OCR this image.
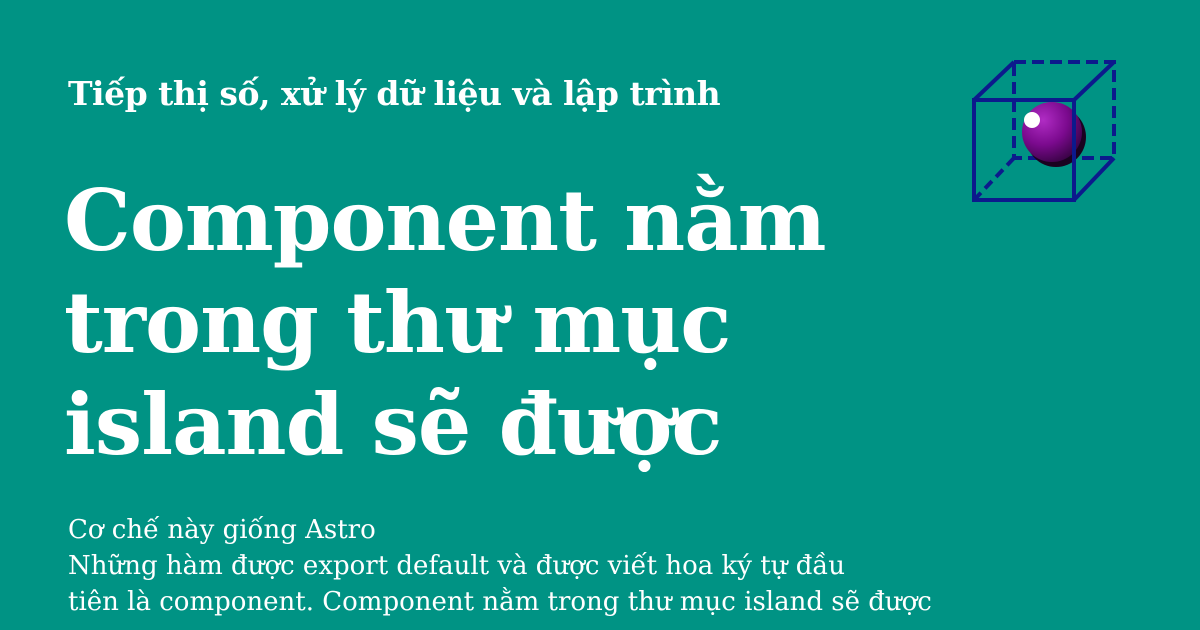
Tiếp thị số, xử lý dữ liệu và lập trình
Component nằm
trong thư mục
island sẽ được
Cơ chế này giống Astro
Những hàm được export default và được viết hoa ký tự đầu
tiên là component. Component nằm trong thư mục island sẽ được
